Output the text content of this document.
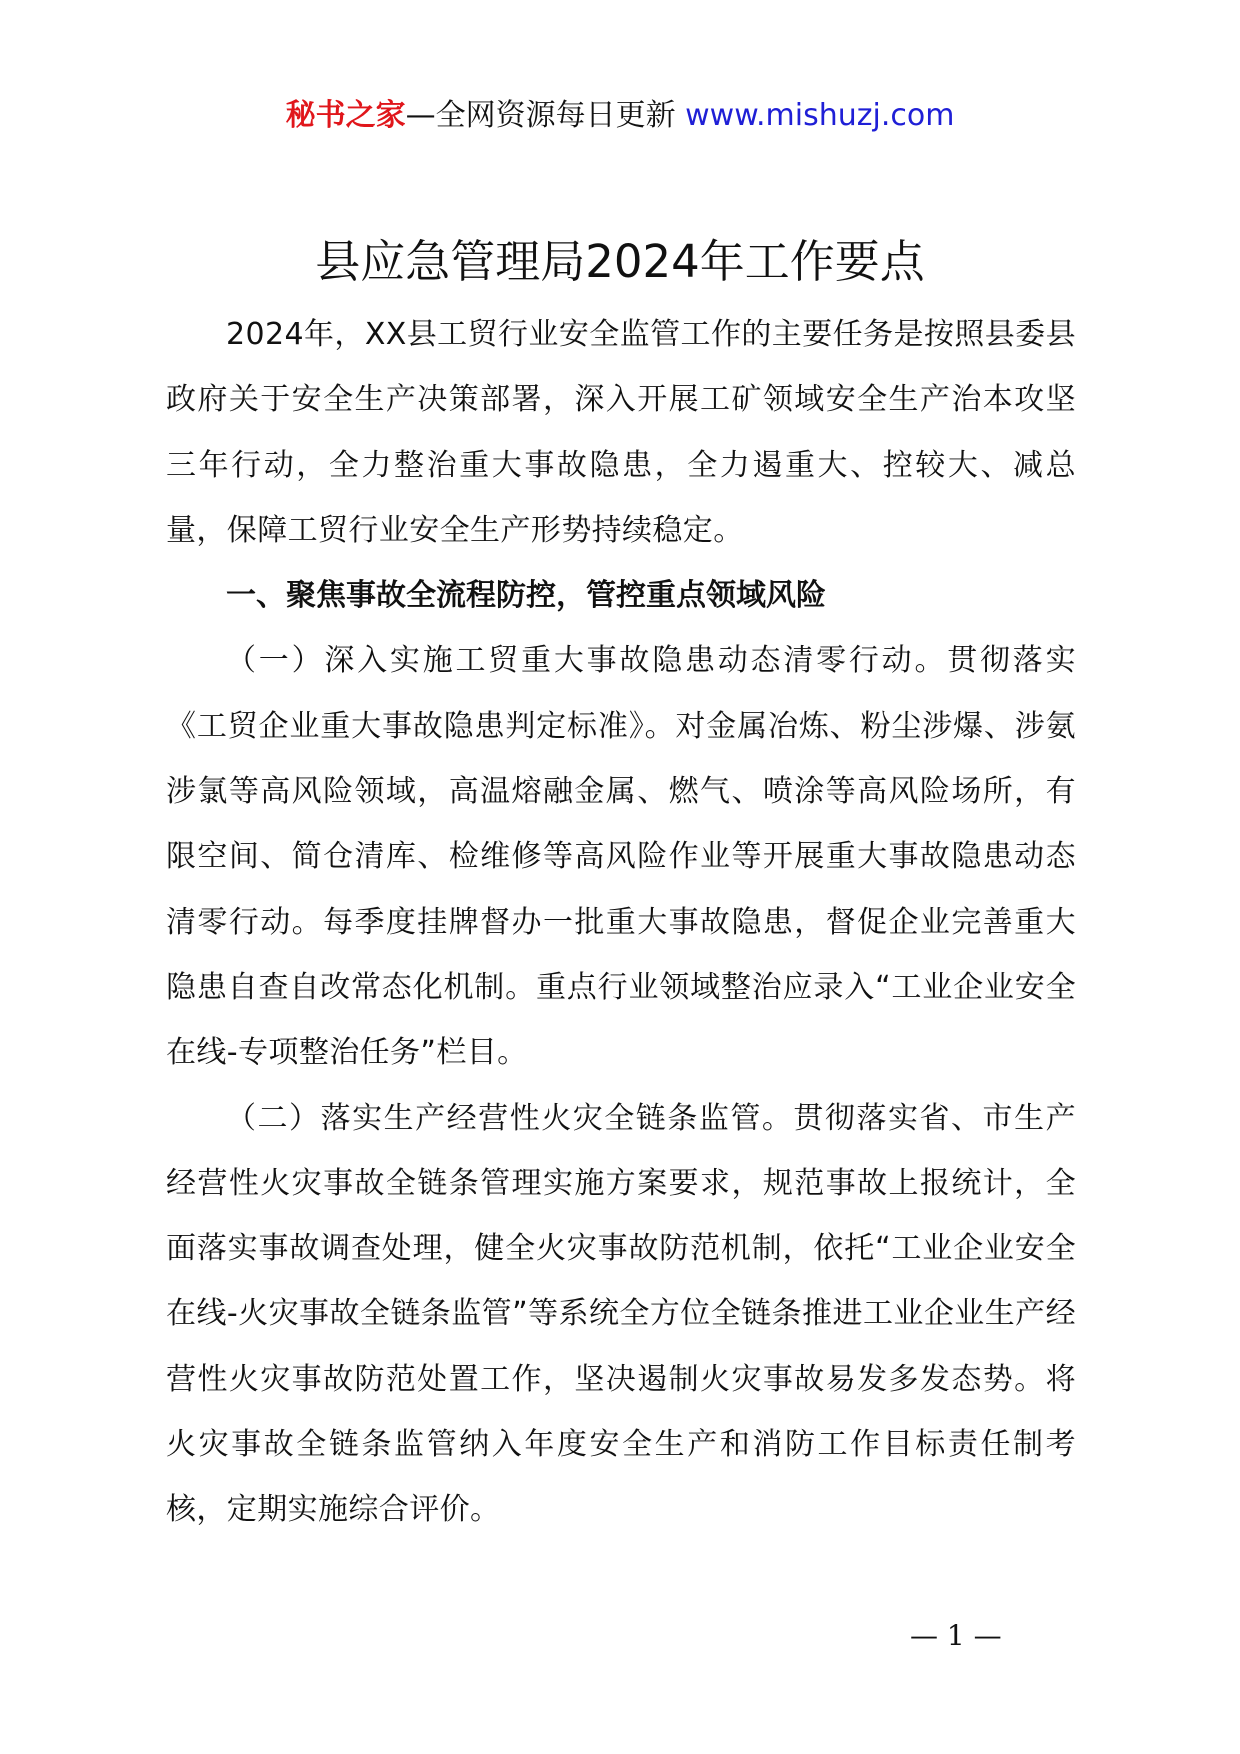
秘书之家—全网资源每日更新 www.mishuzj.com
县应急管理局2024年工作要点

2024年，XX县工贸行业安全监管工作的主要任务是按照县委县政府关于安全生产决策部署，深入开展工矿领域安全生产治本攻坚三年行动，全力整治重大事故隐患，全力遏重大、控较大、减总量，保障工贸行业安全生产形势持续稳定。

一、聚焦事故全流程防控，管控重点领域风险

（一）深入实施工贸重大事故隐患动态清零行动。贯彻落实《工贸企业重大事故隐患判定标准》。对金属冶炼、粉尘涉爆、涉氨涉氯等高风险领域，高温熔融金属、燃气、喷涂等高风险场所，有限空间、简仓清库、检维修等高风险作业等开展重大事故隐患动态清零行动。每季度挂牌督办一批重大事故隐患，督促企业完善重大隐患自查自改常态化机制。重点行业领域整治应录入“工业企业安全在线-专项整治任务”栏目。

（二）落实生产经营性火灾全链条监管。贯彻落实省、市生产经营性火灾事故全链条管理实施方案要求，规范事故上报统计，全面落实事故调查处理，健全火灾事故防范机制，依托“工业企业安全在线-火灾事故全链条监管”等系统全方位全链条推进工业企业生产经营性火灾事故防范处置工作，坚决遏制火灾事故易发多发态势。将火灾事故全链条监管纳入年度安全生产和消防工作目标责任制考核，定期实施综合评价。

— 1 —
